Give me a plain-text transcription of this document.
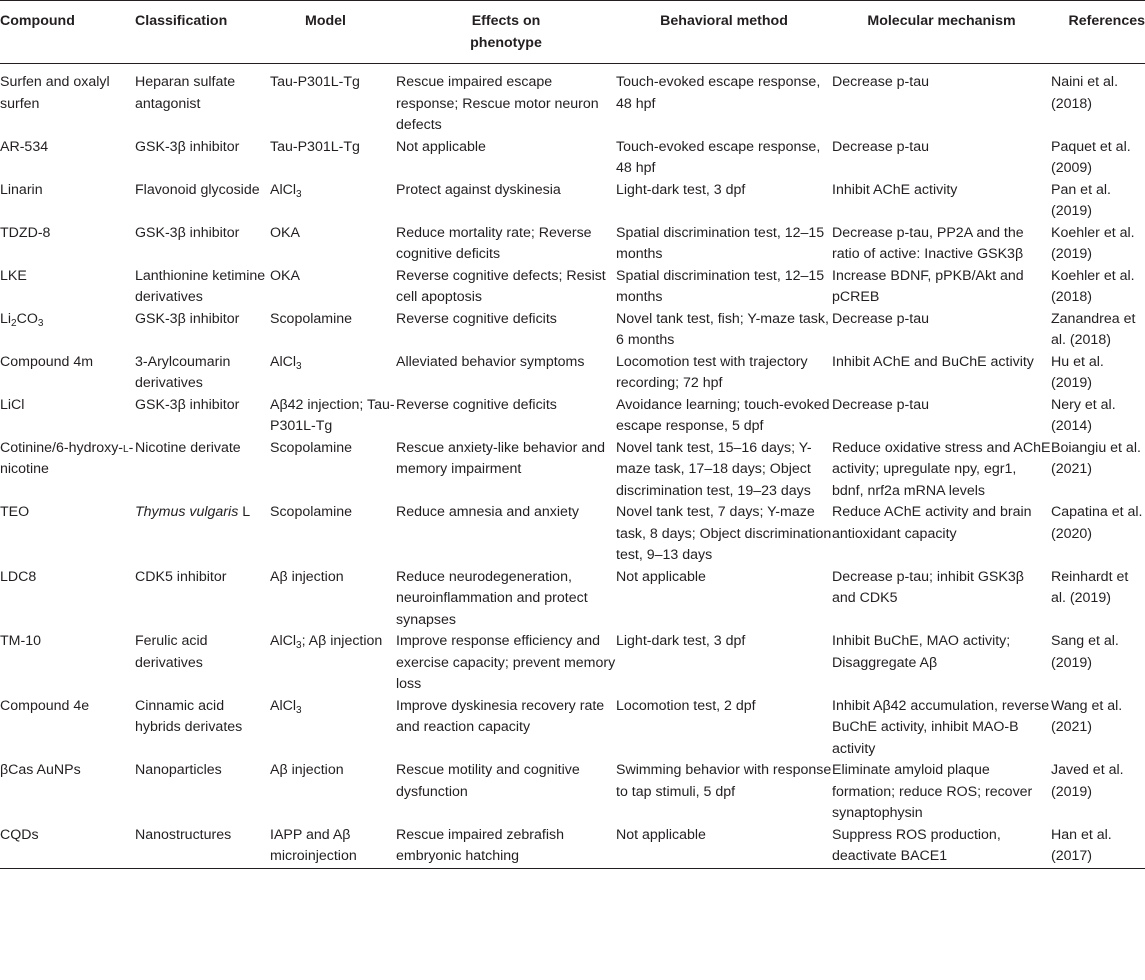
Compound	Classification	Model	Effects on phenotype	Behavioral method	Molecular mechanism	References
Surfen and oxalyl surfen	Heparan sulfate antagonist	Tau-P301L-Tg	Rescue impaired escape response; Rescue motor neuron defects	Touch-evoked escape response, 48 hpf	Decrease p-tau	Naini et al. (2018)
AR-534	GSK-3β inhibitor	Tau-P301L-Tg	Not applicable	Touch-evoked escape response, 48 hpf	Decrease p-tau	Paquet et al. (2009)
Linarin	Flavonoid glycoside	AlCl$_3$	Protect against dyskinesia	Light-dark test, 3 dpf	Inhibit AChE activity	Pan et al. (2019)
TDZD-8	GSK-3β inhibitor	OKA	Reduce mortality rate; Reverse cognitive deficits	Spatial discrimination test, 12–15 months	Decrease p-tau, PP2A and the ratio of active: Inactive GSK3β	Koehler et al. (2019)
LKE	Lanthionine ketimine derivatives	OKA	Reverse cognitive defects; Resist cell apoptosis	Spatial discrimination test, 12–15 months	Increase BDNF, pPKB/Akt and pCREB	Koehler et al. (2018)
$Li_2CO_3$	GSK-3β inhibitor	Scopolamine	Reverse cognitive deficits	Novel tank test, fish; Y-maze task, 6 months	Decrease p-tau	Zanandrea et al. (2018)
Compound 4m	3-Arylcoumarin derivatives	AlCl$_3$	Alleviated behavior symptoms	Locomotion test with trajectory recording; 72 hpf	Inhibit AChE and BuChE activity	Hu et al. (2019)
LiCl	GSK-3β inhibitor	Aβ42 injection; Tau-P301L-Tg	Reverse cognitive deficits	Avoidance learning; touch-evoked escape response, 5 dpf	Decrease p-tau	Nery et al. (2014)
Cotinine/6-hydroxy-l-nicotine	Nicotine derivate	Scopolamine	Rescue anxiety-like behavior and memory impairment	Novel tank test, 15–16 days; Y-maze task, 17–18 days; Object discrimination test, 19–23 days	Reduce oxidative stress and AChE activity; upregulate npy, egr1, bdnf, nrf2a mRNA levels	Boiangiu et al. (2021)
TEO	Thymus vulgaris L	Scopolamine	Reduce amnesia and anxiety	Novel tank test, 7 days; Y-maze task, 8 days; Object discrimination test, 9–13 days	Reduce AChE activity and brain antioxidant capacity	Capatina et al. (2020)
LDC8	CDK5 inhibitor	Aβ injection	Reduce neurodegeneration, neuroinflammation and protect synapses	Not applicable	Decrease p-tau; inhibit GSK3β and CDK5	Reinhardt et al. (2019)
TM-10	Ferulic acid derivatives	AlCl$_3$; Aβ injection	Improve response efficiency and exercise capacity; prevent memory loss	Light-dark test, 3 dpf	Inhibit BuChE, MAO activity; Disaggregate Aβ	Sang et al. (2019)
Compound 4e	Cinnamic acid hybrids derivates	AlCl$_3$	Improve dyskinesia recovery rate and reaction capacity	Locomotion test, 2 dpf	Inhibit Aβ42 accumulation, reverse BuChE activity, inhibit MAO-B activity	Wang et al. (2021)
βCas AuNPs	Nanoparticles	Aβ injection	Rescue motility and cognitive dysfunction	Swimming behavior with response to tap stimuli, 5 dpf	Eliminate amyloid plaque formation; reduce ROS; recover synaptophysin	Javed et al. (2019)
CQDs	Nanostructures	IAPP and Aβ microinjection	Rescue impaired zebrafish embryonic hatching	Not applicable	Suppress ROS production, deactivate BACE1	Han et al. (2017)
